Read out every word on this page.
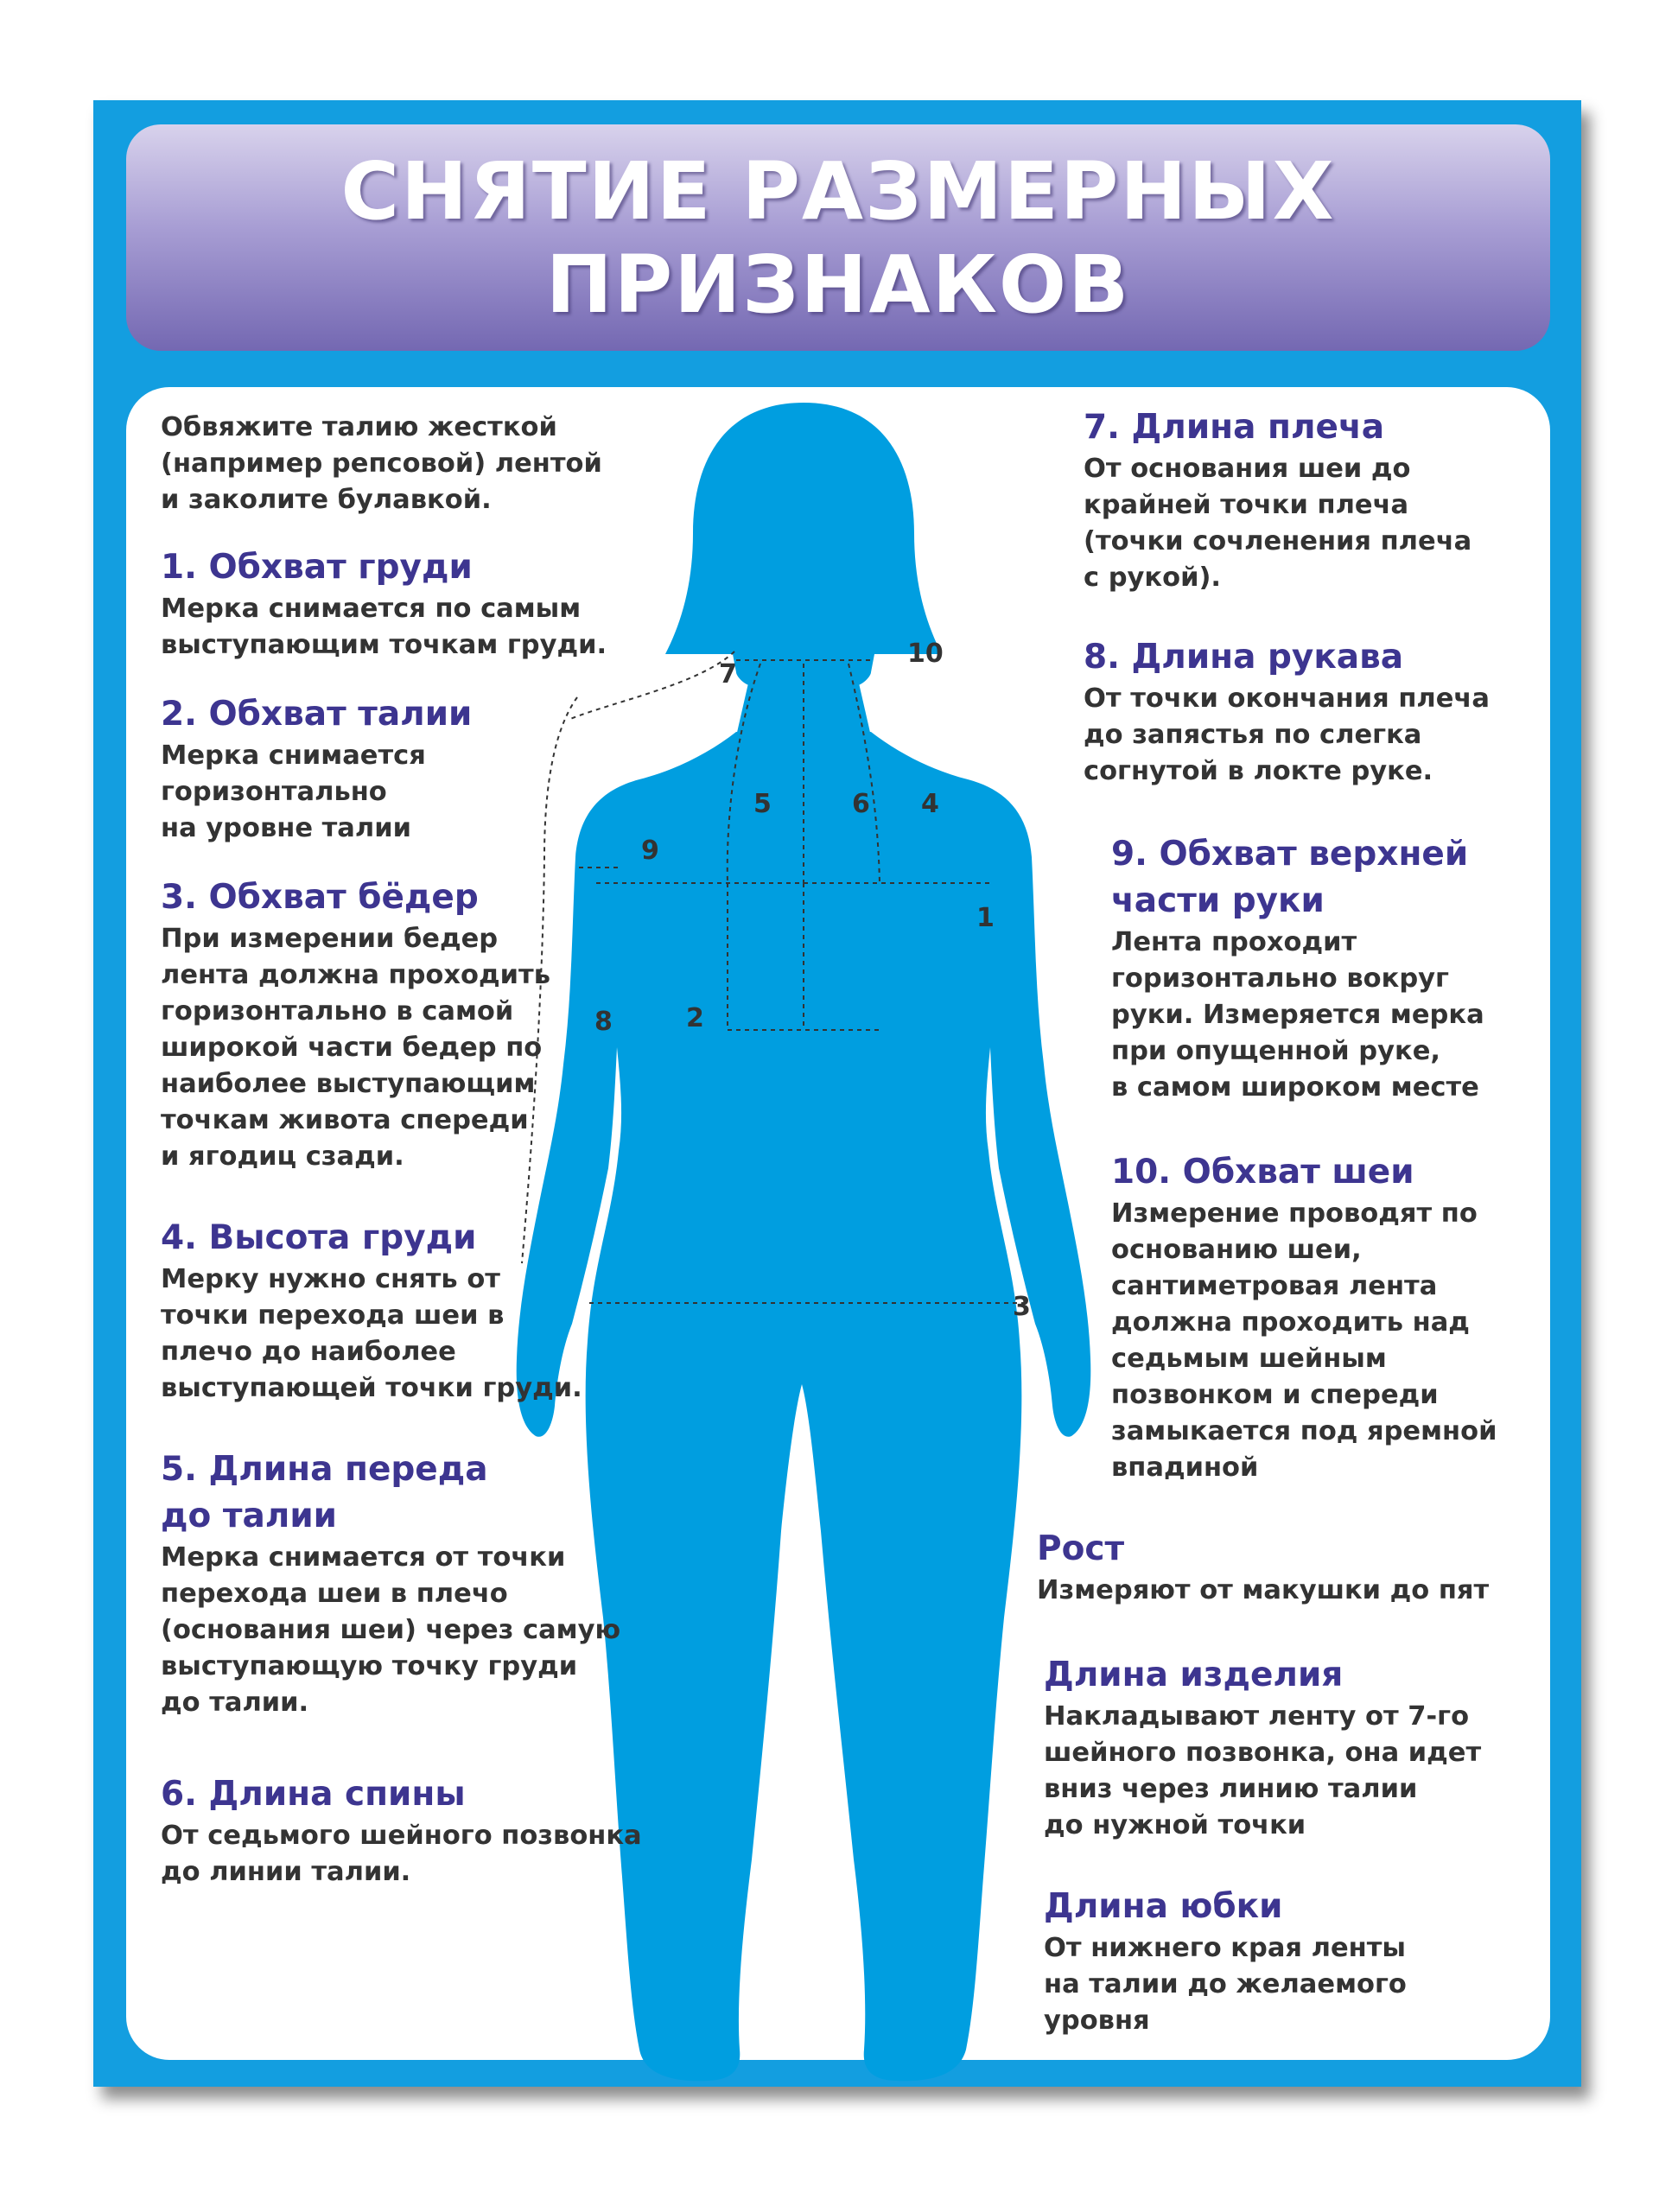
СНЯТИЕ РАЗМЕРНЫХ
ПРИЗНАКОВ
1
2
3
4
5	6
7
8
9
10

Обвяжите талию жесткой

(например репсовой) лентой

и заколите булавкой.

1. Обхват груди

Мерка снимается по самым

выступающим точкам груди.

2. Обхват талии

Мерка снимается

горизонтально

на уровне талии

3. Обхват бёдер

При измерении бедер

лента должна проходить

горизонтально в самой

широкой части бедер по

наиболее выступающим

точкам живота спереди

и ягодиц сзади.

4. Высота груди

Мерку нужно снять от

точки перехода шеи в

плечо до наиболее

выступающей точки груди.

5. Длина переда

до талии

Мерка снимается от точки

перехода шеи в плечо

(основания шеи) через самую

выступающую точку груди

до талии.

6. Длина спины

От седьмого шейного позвонка

до линии талии.

7. Длина плеча

От основания шеи до

крайней точки плеча

(точки сочленения плеча

с рукой).

8. Длина рукава

От точки окончания плеча

до запястья по слегка

согнутой в локте руке.

9. Обхват верхней

части руки

Лента проходит

горизонтально вокруг

руки. Измеряется мерка

при опущенной руке,

в самом широком месте

10. Обхват шеи

Измерение проводят по

основанию шеи,

сантиметровая лента

должна проходить над

седьмым шейным

позвонком и спереди

замыкается под яремной

впадиной

Рост

Измеряют от макушки до пят

Длина изделия

Накладывают ленту от 7-го

шейного позвонка, она идет

вниз через линию талии

до нужной точки

Длина юбки

От нижнего края ленты

на талии до желаемого

уровня
